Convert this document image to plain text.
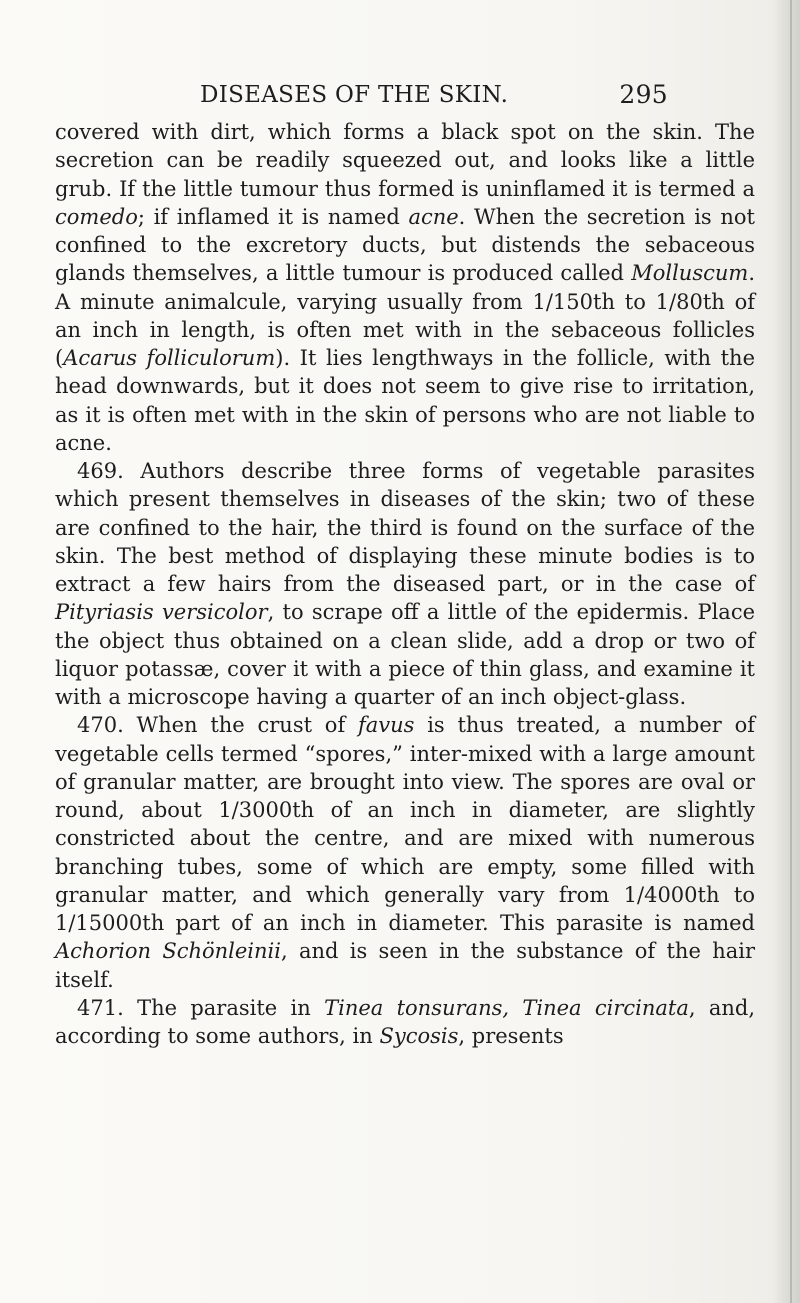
DISEASES OF THE SKIN.	295

covered with dirt, which forms a black spot on the skin. The secretion can be readily squeezed out, and looks like a little grub. If the little tumour thus formed is uninflamed it is termed a comedo; if inflamed it is named acne. When the secretion is not confined to the excretory ducts, but distends the sebaceous glands themselves, a little tumour is produced called Molluscum. A minute animalcule, varying usually from 1/150th to 1/80th of an inch in length, is often met with in the sebaceous follicles (Acarus folliculorum). It lies lengthways in the follicle, with the head downwards, but it does not seem to give rise to irritation, as it is often met with in the skin of persons who are not liable to acne.

469. Authors describe three forms of vegetable parasites which present themselves in diseases of the skin; two of these are confined to the hair, the third is found on the surface of the skin. The best method of displaying these minute bodies is to extract a few hairs from the diseased part, or in the case of Pityriasis versicolor, to scrape off a little of the epidermis. Place the object thus obtained on a clean slide, add a drop or two of liquor potassæ, cover it with a piece of thin glass, and examine it with a microscope having a quarter of an inch object-glass.

470. When the crust of favus is thus treated, a number of vegetable cells termed “spores,” inter-mixed with a large amount of granular matter, are brought into view. The spores are oval or round, about 1/3000th of an inch in diameter, are slightly constricted about the centre, and are mixed with numerous branching tubes, some of which are empty, some filled with granular matter, and which generally vary from 1/4000th to 1/15000th part of an inch in diameter. This parasite is named Achorion Schönleinii, and is seen in the substance of the hair itself.

471. The parasite in Tinea tonsurans, Tinea circinata, and, according to some authors, in Sycosis, presents
